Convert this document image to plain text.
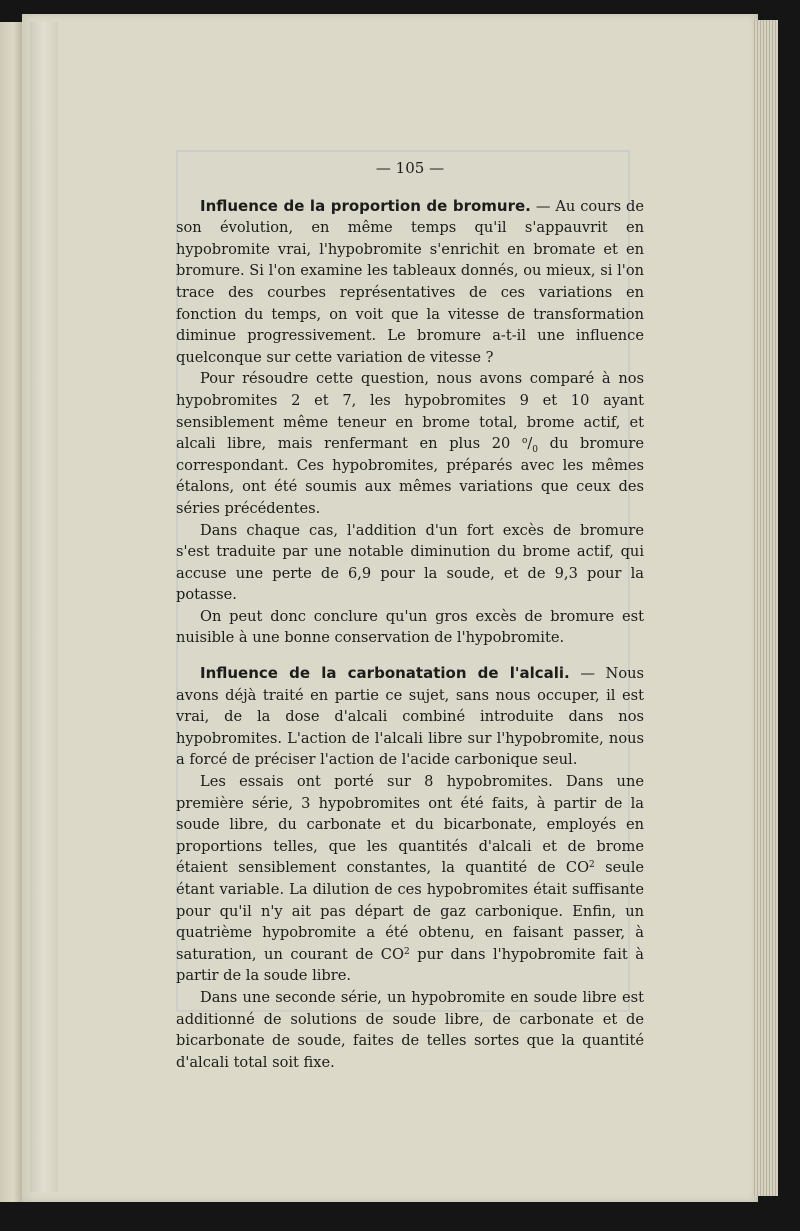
— 105 —

Influence de la proportion de bromure. — Au cours de son évolution, en même temps qu'il s'appauvrit en hypobromite vrai, l'hypobromite s'enrichit en bromate et en bromure. Si l'on examine les tableaux donnés, ou mieux, si l'on trace des courbes représentatives de ces variations en fonction du temps, on voit que la vitesse de transformation diminue progressivement. Le bromure a-t-il une influence quelconque sur cette variation de vitesse ?

Pour résoudre cette question, nous avons comparé à nos hypobromites 2 et 7, les hypobromites 9 et 10 ayant sensiblement même teneur en brome total, brome actif, et alcali libre, mais renfermant en plus 20 $^o/_0$ du bromure correspondant. Ces hypobromites, préparés avec les mêmes étalons, ont été soumis aux mêmes variations que ceux des séries précédentes.

Dans chaque cas, l'addition d'un fort excès de bromure s'est traduite par une notable diminution du brome actif, qui accuse une perte de 6,9 pour la soude, et de 9,3 pour la potasse.

On peut donc conclure qu'un gros excès de bromure est nuisible à une bonne conservation de l'hypobromite.

Influence de la carbonatation de l'alcali. — Nous avons déjà traité en partie ce sujet, sans nous occuper, il est vrai, de la dose d'alcali combiné introduite dans nos hypobromites. L'action de l'alcali libre sur l'hypobromite, nous a forcé de préciser l'action de l'acide carbonique seul.

Les essais ont porté sur 8 hypobromites. Dans une première série, 3 hypobromites ont été faits, à partir de la soude libre, du carbonate et du bicarbonate, employés en proportions telles, que les quantités d'alcali et de brome étaient sensiblement constantes, la quantité de $CO^2$ seule étant variable. La dilution de ces hypobromites était suffisante pour qu'il n'y ait pas départ de gaz carbonique. Enfin, un quatrième hypobromite a été obtenu, en faisant passer, à saturation, un courant de $CO^2$ pur dans l'hypobromite fait à partir de la soude libre.

Dans une seconde série, un hypobromite en soude libre est additionné de solutions de soude libre, de carbonate et de bicarbonate de soude, faites de telles sortes que la quantité d'alcali total soit fixe.
